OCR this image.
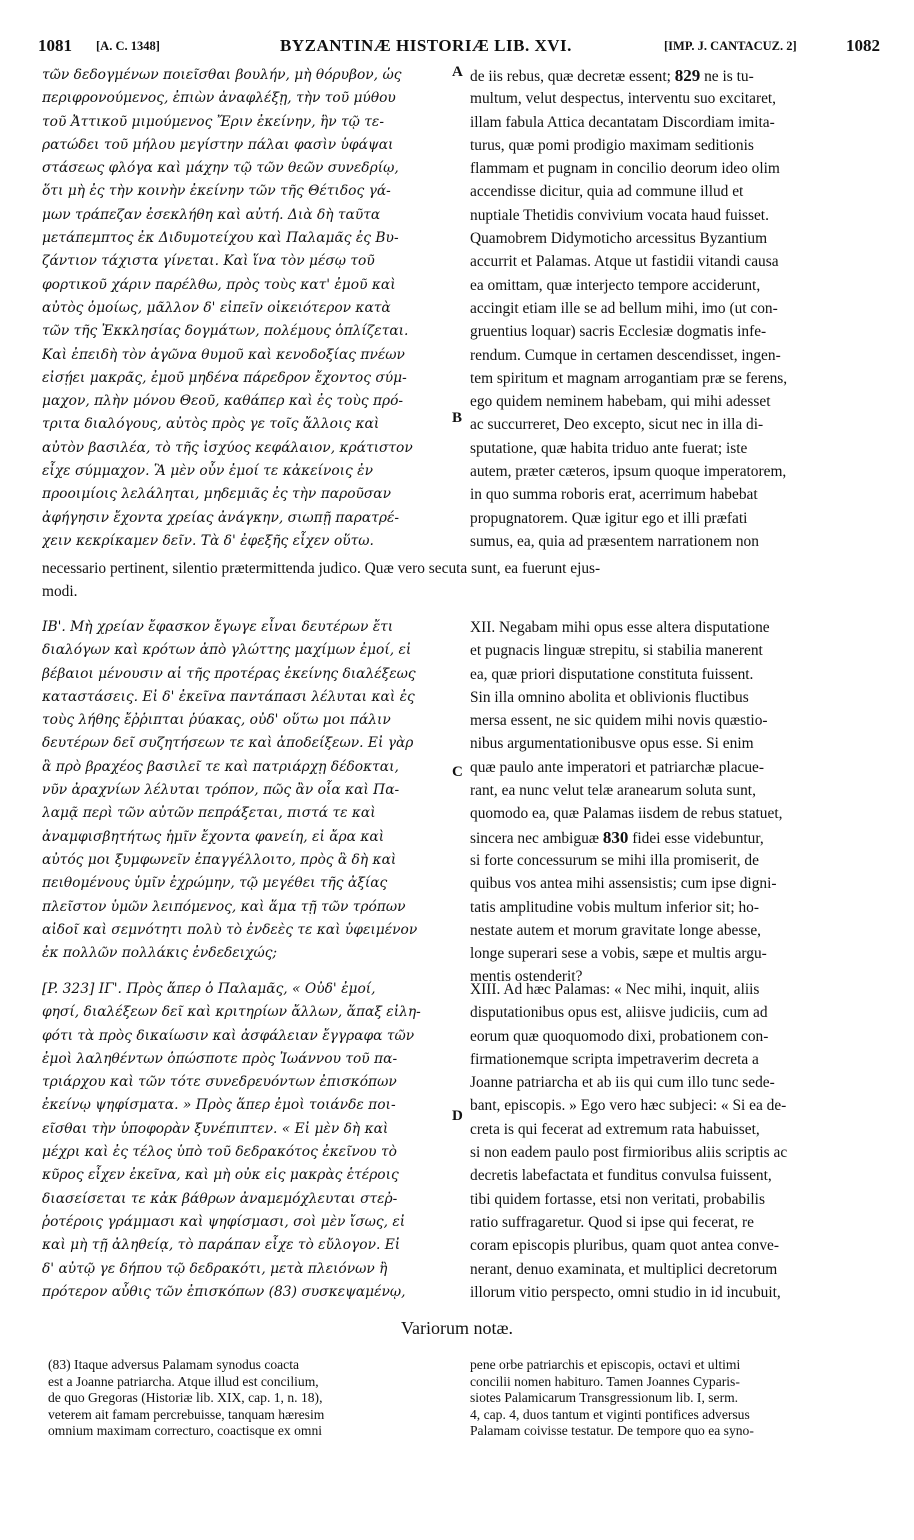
1081 [A. C. 1348]	BYZANTINÆ HISTORIÆ LIB. XVI.	[IMP. J. CANTACUZ. 2]	1082
A
B
C
D
τῶν δεδογμένων ποιεῖσθαι βουλήν, μὴ θόρυβον, ὡς
περιφρονούμενος, ἐπιὼν ἀναφλέξῃ, τὴν τοῦ μύθου
τοῦ Ἀττικοῦ μιμούμενος Ἔριν ἐκείνην, ἣν τῷ τε-
ρατώδει τοῦ μήλου μεγίστην πάλαι φασὶν ὑφάψαι
στάσεως φλόγα καὶ μάχην τῷ τῶν θεῶν συνεδρίῳ,
ὅτι μὴ ἐς τὴν κοινὴν ἐκείνην τῶν τῆς Θέτιδος γά-
μων τράπεζαν ἐσεκλήθη καὶ αὐτή. Διὰ δὴ ταῦτα
μετάπεμπτος ἐκ Διδυμοτείχου καὶ Παλαμᾶς ἐς Βυ-
ζάντιον τάχιστα γίνεται. Καὶ ἵνα τὸν μέσῳ τοῦ
φορτικοῦ χάριν παρέλθω, πρὸς τοὺς κατ' ἐμοῦ καὶ
αὐτὸς ὁμοίως, μᾶλλον δ' εἰπεῖν οἰκειότερον κατὰ
τῶν τῆς Ἐκκλησίας δογμάτων, πολέμους ὁπλίζεται.
Καὶ ἐπειδὴ τὸν ἀγῶνα θυμοῦ καὶ κενοδοξίας πνέων
εἰσῄει μακρᾶς, ἐμοῦ μηδένα πάρεδρον ἔχοντος σύμ-
μαχον, πλὴν μόνου Θεοῦ, καθάπερ καὶ ἐς τοὺς πρό-
τριτα διαλόγους, αὐτὸς πρὸς γε τοῖς ἄλλοις καὶ
αὐτὸν βασιλέα, τὸ τῆς ἰσχύος κεφάλαιον, κράτιστον
εἶχε σύμμαχον. Ἃ μὲν οὖν ἐμοί τε κἀκείνοις ἐν
προοιμίοις λελάληται, μηδεμιᾶς ἐς τὴν παροῦσαν
ἀφήγησιν ἔχοντα χρείας ἀνάγκην, σιωπῇ παρατρέ-
χειν κεκρίκαμεν δεῖν. Τὰ δ' ἐφεξῆς εἶχεν οὕτω.
de iis rebus, quæ decretæ essent; 829 ne is tu-
multum, velut despectus, interventu suo excitaret,
illam fabula Attica decantatam Discordiam imita-
turus, quæ pomi prodigio maximam seditionis
flammam et pugnam in concilio deorum ideo olim
accendisse dicitur, quia ad commune illud et
nuptiale Thetidis convivium vocata haud fuisset.
Quamobrem Didymoticho arcessitus Byzantium
accurrit et Palamas. Atque ut fastidii vitandi causa
ea omittam, quæ interjecto tempore acciderunt,
accingit etiam ille se ad bellum mihi, imo (ut con-
gruentius loquar) sacris Ecclesiæ dogmatis infe-
rendum. Cumque in certamen descendisset, ingen-
tem spiritum et magnam arrogantiam præ se ferens,
ego quidem neminem habebam, qui mihi adesset
ac succurreret, Deo excepto, sicut nec in illa di-
sputatione, quæ habita triduo ante fuerat; iste
autem, præter cæteros, ipsum quoque imperatorem,
in quo summa roboris erat, acerrimum habebat
propugnatorem. Quæ igitur ego et illi præfati
sumus, ea, quia ad præsentem narrationem non
necessario pertinent, silentio prætermittenda judico. Quæ vero secuta sunt, ea fuerunt ejus-
modi.
ΙΒ'. Μὴ χρείαν ἔφασκον ἔγωγε εἶναι δευτέρων ἔτι
διαλόγων καὶ κρότων ἀπὸ γλώττης μαχίμων ἐμοί, εἰ
βέβαιοι μένουσιν αἱ τῆς προτέρας ἐκείνης διαλέξεως
καταστάσεις. Εἰ δ' ἐκεῖνα παντάπασι λέλυται καὶ ἐς
τοὺς λήθης ἔῤῥιπται ῥύακας, οὐδ' οὕτω μοι πάλιν
δευτέρων δεῖ συζητήσεων τε καὶ ἀποδείξεων. Εἰ γὰρ
ἃ πρὸ βραχέος βασιλεῖ τε καὶ πατριάρχῃ δέδοκται,
νῦν ἀραχνίων λέλυται τρόπον, πῶς ἂν οἷα καὶ Πα-
λαμᾷ περὶ τῶν αὐτῶν πεπράξεται, πιστά τε καὶ
ἀναμφισβητήτως ἡμῖν ἔχοντα φανείη, εἰ ἄρα καὶ
αὐτός μοι ξυμφωνεῖν ἐπαγγέλλοιτο, πρὸς ἃ δὴ καὶ
πειθομένους ὑμῖν ἐχρώμην, τῷ μεγέθει τῆς ἀξίας
πλεῖστον ὑμῶν λειπόμενος, καὶ ἅμα τῇ τῶν τρόπων
αἰδοῖ καὶ σεμνότητι πολὺ τὸ ἐνδεὲς τε καὶ ὑφειμένον
ἐκ πολλῶν πολλάκις ἐνδεδειχώς;
XII. Negabam mihi opus esse altera disputatione
et pugnacis linguæ strepitu, si stabilia manerent
ea, quæ priori disputatione constituta fuissent.
Sin illa omnino abolita et oblivionis fluctibus
mersa essent, ne sic quidem mihi novis quæstio-
nibus argumentationibusve opus esse. Si enim
quæ paulo ante imperatori et patriarchæ placue-
rant, ea nunc velut telæ aranearum soluta sunt,
quomodo ea, quæ Palamas iisdem de rebus statuet,
sincera nec ambiguæ 830 fidei esse videbuntur,
si forte concessurum se mihi illa promiserit, de
quibus vos antea mihi assensistis; cum ipse digni-
tatis amplitudine vobis multum inferior sit; ho-
nestate autem et morum gravitate longe abesse,
longe superari sese a vobis, sæpe et multis argu-
mentis ostenderit?
[P. 323] ΙΓ'. Πρὸς ἅπερ ὁ Παλαμᾶς, « Οὐδ' ἐμοί,
φησί, διαλέξεων δεῖ καὶ κριτηρίων ἄλλων, ἅπαξ εἰλη-
φότι τὰ πρὸς δικαίωσιν καὶ ἀσφάλειαν ἔγγραφα τῶν
ἐμοὶ λαληθέντων ὁπώσποτε πρὸς Ἰωάννου τοῦ πα-
τριάρχου καὶ τῶν τότε συνεδρευόντων ἐπισκόπων
ἐκείνῳ ψηφίσματα. » Πρὸς ἅπερ ἐμοὶ τοιάνδε ποι-
εῖσθαι τὴν ὑποφορὰν ξυνέπιπτεν. « Εἰ μὲν δὴ καὶ
μέχρι καὶ ἐς τέλος ὑπὸ τοῦ δεδρακότος ἐκεῖνου τὸ
κῦρος εἶχεν ἐκεῖνα, καὶ μὴ οὐκ εἰς μακρὰς ἑτέροις
διασείσεται τε κἀκ βάθρων ἀναμεμόχλευται στεῤ-
ῥοτέροις γράμμασι καὶ ψηφίσμασι, σοὶ μὲν ἴσως, εἰ
καὶ μὴ τῇ ἀληθείᾳ, τὸ παράπαν εἶχε τὸ εὔλογον. Εἰ
δ' αὐτῷ γε δήπου τῷ δεδρακότι, μετὰ πλειόνων ἢ
πρότερον αὖθις τῶν ἐπισκόπων (83) συσκεψαμένῳ,
XIII. Ad hæc Palamas: « Nec mihi, inquit, aliis
disputationibus opus est, aliisve judiciis, cum ad
eorum quæ quoquomodo dixi, probationem con-
firmationemque scripta impetraverim decreta a
Joanne patriarcha et ab iis qui cum illo tunc sede-
bant, episcopis. » Ego vero hæc subjeci: « Si ea de-
creta is qui fecerat ad extremum rata habuisset,
si non eadem paulo post firmioribus aliis scriptis ac
decretis labefactata et funditus convulsa fuissent,
tibi quidem fortasse, etsi non veritati, probabilis
ratio suffragaretur. Quod si ipse qui fecerat, re
coram episcopis pluribus, quam quot antea conve-
nerant, denuo examinata, et multiplici decretorum
illorum vitio perspecto, omni studio in id incubuit,
Variorum notæ.
(83) Itaque adversus Palamam synodus coacta
est a Joanne patriarcha. Atque illud est concilium,
de quo Gregoras (Historiæ lib. XIX, cap. 1, n. 18),
veterem ait famam percrebuisse, tanquam hæresim
omnium maximam correcturo, coactisque ex omni
pene orbe patriarchis et episcopis, octavi et ultimi
concilii nomen habituro. Tamen Joannes Cyparis-
siotes Palamicarum Transgressionum lib. I, serm.
4, cap. 4, duos tantum et viginti pontifices adversus
Palamam coivisse testatur. De tempore quo ea syno-
